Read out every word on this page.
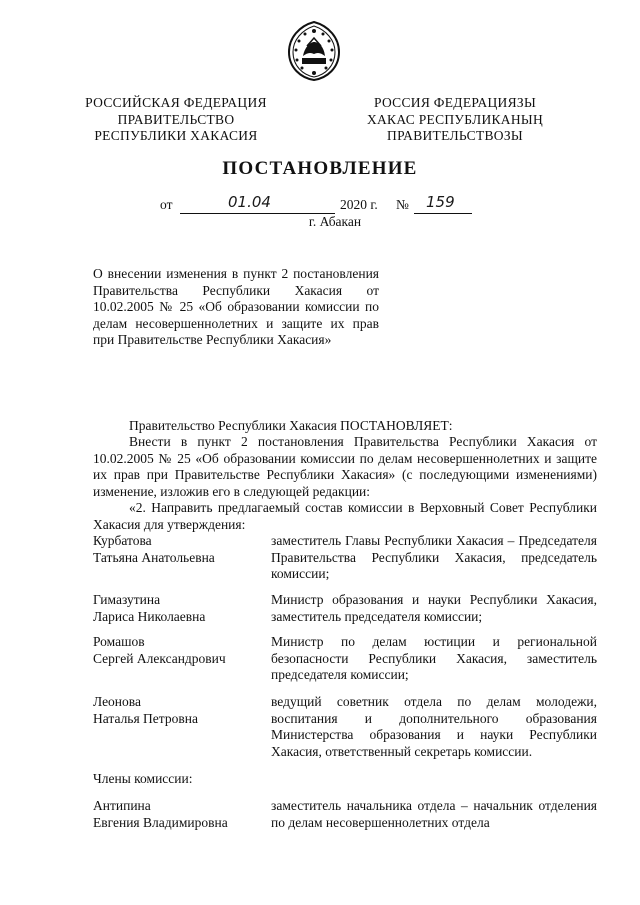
РОССИЙСКАЯ ФЕДЕРАЦИЯ
ПРАВИТЕЛЬСТВО
РЕСПУБЛИКИ ХАКАСИЯ
РОССИЯ ФЕДЕРАЦИЯЗЫ
ХАКАС РЕСПУБЛИКАНЫҢ
ПРАВИТЕЛЬСТВОЗЫ
ПОСТАНОВЛЕНИЕ
от	01.04	2020 г. № 159
г. Абакан
О внесении изменения в пункт 2 постановления Правительства Республики Хакасия от 10.02.2005 № 25 «Об образовании комиссии по делам несовершеннолетних и защите их прав при Правительстве Республики Хакасия»
Правительство Республики Хакасия ПОСТАНОВЛЯЕТ:
Внести в пункт 2 постановления Правительства Республики Хакасия от 10.02.2005 № 25 «Об образовании комиссии по делам несовершеннолетних и защите их прав при Правительстве Республики Хакасия» (с последующими изменениями) изменение, изложив его в следующей редакции:
«2. Направить предлагаемый состав комиссии в Верховный Совет Республики Хакасия для утверждения:
Курбатова
Татьяна Анатольевна
заместитель Главы Республики Хакасия – Председателя Правительства Республики Хакасия, председатель комиссии;
Гимазутина
Лариса Николаевна
Министр образования и науки Республики Хакасия, заместитель председателя комиссии;
Ромашов
Сергей Александрович
Министр по делам юстиции и региональной безопасности Республики Хакасия, заместитель председателя комиссии;
Леонова
Наталья Петровна
ведущий советник отдела по делам молодежи, воспитания и дополнительного образования Министерства образования и науки Республики Хакасия, ответственный секретарь комиссии.
Члены комиссии:
Антипина
Евгения Владимировна
заместитель начальника отдела – начальник отделения по делам несовершеннолетних отдела
